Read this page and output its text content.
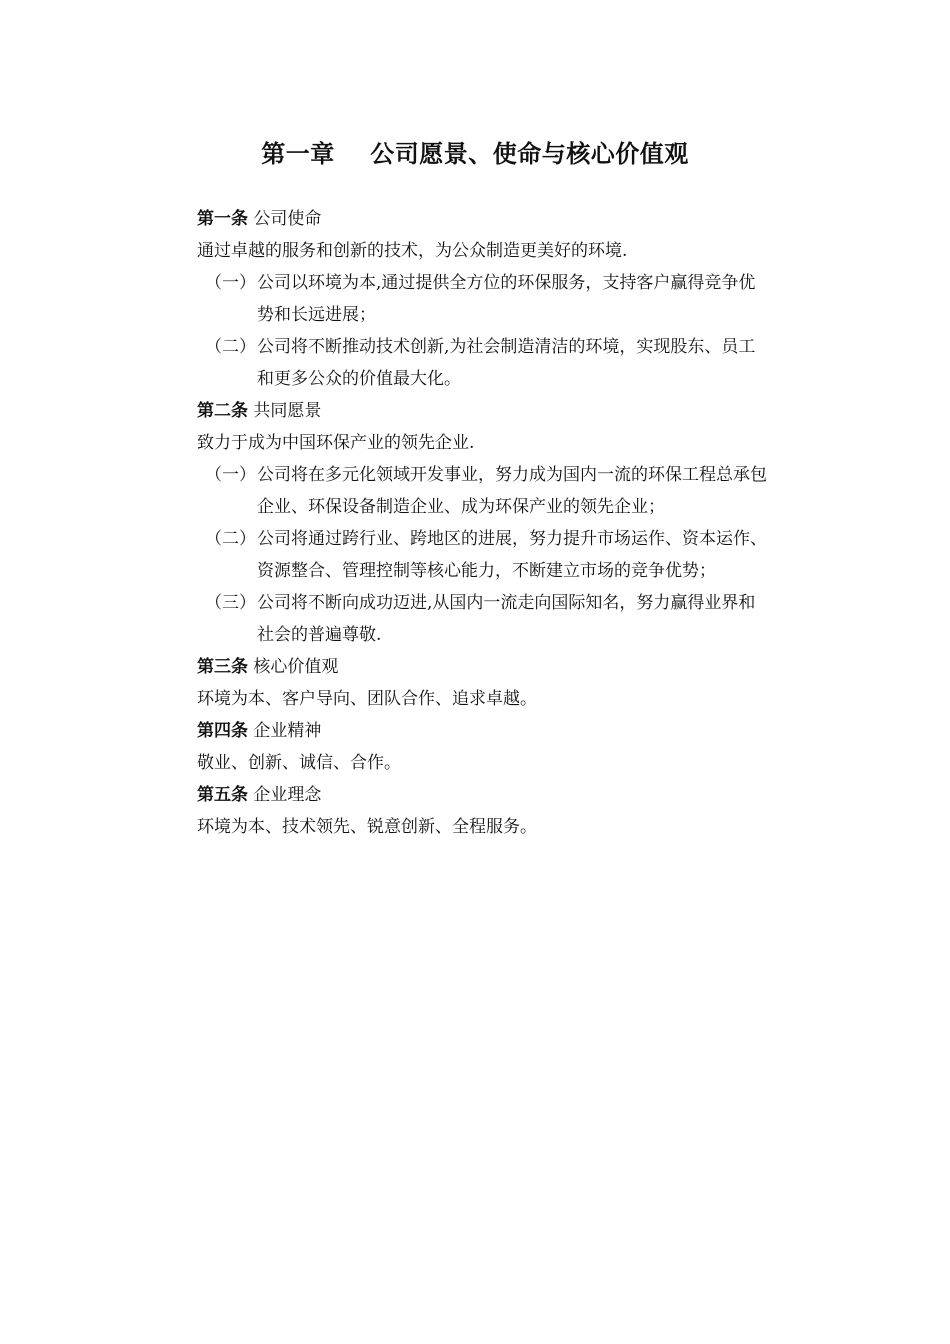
第一章    公司愿景、使命与核心价值观

第一条 公司使命

通过卓越的服务和创新的技术，为公众制造更美好的环境.

（一） 公司以环境为本,通过提供全方位的环保服务，支持客户赢得竞争优
势和长远进展；
（二） 公司将不断推动技术创新,为社会制造清洁的环境，实现股东、员工
和更多公众的价值最大化。

第二条 共同愿景

致力于成为中国环保产业的领先企业.

（一） 公司将在多元化领域开发事业，努力成为国内一流的环保工程总承包
企业、环保设备制造企业、成为环保产业的领先企业；
（二） 公司将通过跨行业、跨地区的进展，努力提升市场运作、资本运作、
资源整合、管理控制等核心能力，不断建立市场的竞争优势；
（三） 公司将不断向成功迈进,从国内一流走向国际知名，努力赢得业界和
社会的普遍尊敬.

第三条 核心价值观

环境为本、客户导向、团队合作、追求卓越。

第四条 企业精神

敬业、创新、诚信、合作。

第五条 企业理念

环境为本、技术领先、锐意创新、全程服务。
